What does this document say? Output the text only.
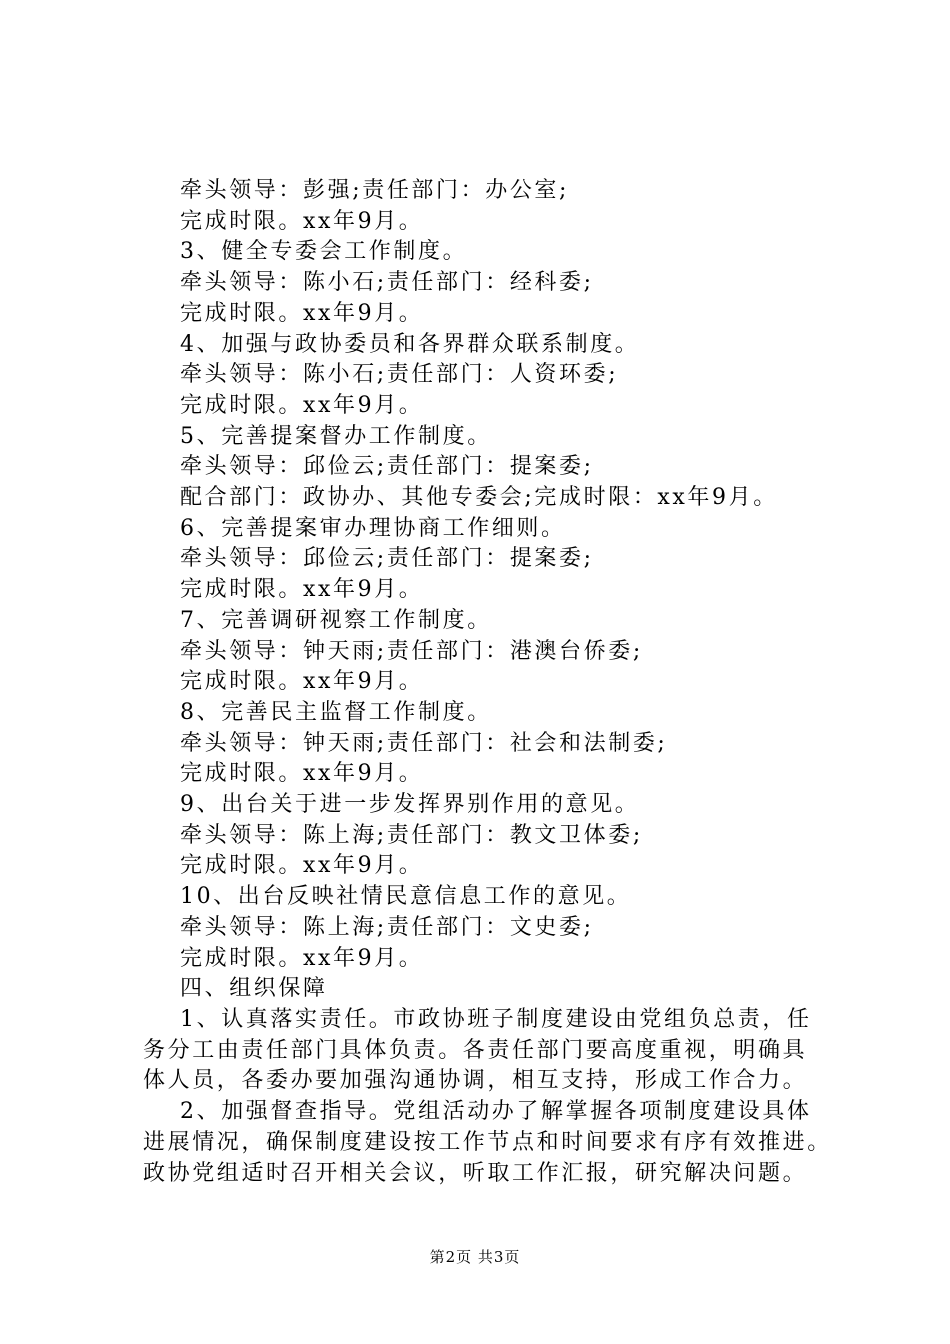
牵头领导：彭强;责任部门：办公室;
完成时限。xx年9月。
3、健全专委会工作制度。
牵头领导：陈小石;责任部门：经科委;
完成时限。xx年9月。
4、加强与政协委员和各界群众联系制度。
牵头领导：陈小石;责任部门：人资环委;
完成时限。xx年9月。
5、完善提案督办工作制度。
牵头领导：邱俭云;责任部门：提案委;
配合部门：政协办、其他专委会;完成时限：xx年9月。
6、完善提案审办理协商工作细则。
牵头领导：邱俭云;责任部门：提案委;
完成时限。xx年9月。
7、完善调研视察工作制度。
牵头领导：钟天雨;责任部门：港澳台侨委;
完成时限。xx年9月。
8、完善民主监督工作制度。
牵头领导：钟天雨;责任部门：社会和法制委;
完成时限。xx年9月。
9、出台关于进一步发挥界别作用的意见。
牵头领导：陈上海;责任部门：教文卫体委;
完成时限。xx年9月。
10、出台反映社情民意信息工作的意见。
牵头领导：陈上海;责任部门：文史委;
完成时限。xx年9月。
四、组织保障
1、认真落实责任。市政协班子制度建设由党组负总责，任
务分工由责任部门具体负责。各责任部门要高度重视，明确具
体人员，各委办要加强沟通协调，相互支持，形成工作合力。
2、加强督查指导。党组活动办了解掌握各项制度建设具体
进展情况，确保制度建设按工作节点和时间要求有序有效推进。
政协党组适时召开相关会议，听取工作汇报，研究解决问题。
第2页 共3页
